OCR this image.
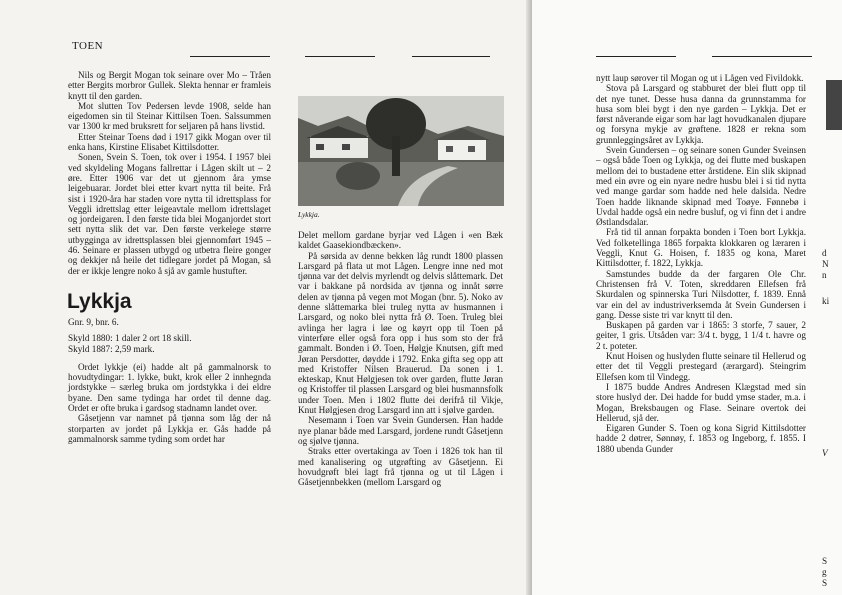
TOEN

Nils og Bergit Mogan tok seinare over Mo – Tråen etter Bergits morbror Gullek. Slekta hennar er framleis knytt til den garden.

Mot slutten Tov Pedersen levde 1908, selde han eigedomen sin til Steinar Kittilsen Toen. Salssummen var 1300 kr med bruksrett for seljaren på hans livstid.

Etter Steinar Toens død i 1917 gikk Mogan over til enka hans, Kirstine Elisabet Kittilsdotter.

Sonen, Svein S. Toen, tok over i 1954. I 1957 blei ved skyldeling Mogans fallrettar i Lågen skilt ut – 2 øre. Etter 1906 var det ut gjennom åra ymse leigebuarar. Jordet blei etter kvart nytta til beite. Frå sist i 1920-åra har staden vore nytta til idrettsplass for Veggli idrettslag etter leigeavtale mellom idrettslaget og jordeigaren. I den første tida blei Moganjordet stort sett nytta slik det var. Den første verkelege større utbygginga av idrettsplassen blei gjennomført 1945 – 46. Seinare er plassen utbygd og utbetra fleire gonger og dekkjer nå heile det tidlegare jordet på Mogan, så der er ikkje lengre noko å sjå av gamle hustufter.

Lykkja

Gnr. 9, bnr. 6.

Skyld 1880: 1 daler 2 ort 18 skill.

Skyld 1887: 2,59 mark.

Ordet lykkje (ei) hadde alt på gammalnorsk to hovudtydingar: 1. lykke, bukt, krok eller 2 innhegnda jordstykke – særleg bruka om jordstykka i dei eldre byane. Den same tydinga har ordet til denne dag. Ordet er ofte bruka i gardsog stadnamn landet over.

Gåsetjenn var namnet på tjønna som låg der nå storparten av jordet på Lykkja er. Gås hadde på gammalnorsk samme tyding som ordet har

Lykkja.

Delet mellom gardane byrjar ved Lågen i «en Bæk kaldet Gaasekiondbæcken».

På sørsida av denne bekken låg rundt 1800 plassen Larsgard på flata ut mot Lågen. Lengre inne ned mot tjønna var det delvis myrlendt og delvis slåttemark. Det var i bakkane på nordsida av tjønna og innåt sørre delen av tjønna på vegen mot Mogan (bnr. 5). Noko av denne slåttemarka blei truleg nytta av husmannen i Larsgard, og noko blei nytta frå Ø. Toen. Truleg blei avlinga her lagra i løe og køyrt opp til Toen på vinterføre eller også fora opp i hus som sto der frå gammalt. Bonden i Ø. Toen, Hølgje Knutsen, gift med Jøran Persdotter, døydde i 1792. Enka gifta seg opp att med Kristoffer Nilsen Brauerud. Da sonen i 1. ekteskap, Knut Hølgjesen tok over garden, flutte Jøran og Kristoffer til plassen Larsgard og blei husmannsfolk under Toen. Men i 1802 flutte dei derifrå til Vikje, Knut Hølgjesen drog Larsgard inn att i sjølve garden.

Nesemann i Toen var Svein Gundersen. Han hadde nye planar både med Larsgard, jordene rundt Gåsetjenn og sjølve tjønna.

Straks etter overtakinga av Toen i 1826 tok han til med kanalisering og utgrøfting av Gåsetjenn. Ei hovudgrøft blei lagt frå tjønna og ut til Lågen i Gåsetjennbekken (mellom Larsgard og

nytt laup sørover til Mogan og ut i Lågen ved Fivildokk.

Stova på Larsgard og stabburet der blei flutt opp til det nye tunet. Desse husa danna da grunnstamma for husa som blei bygt i den nye garden – Lykkja. Det er først nåverande eigar som har lagt hovudkanalen djupare og forsyna mykje av grøftene. 1828 er rekna som grunnleggingsåret av Lykkja.

Svein Gundersen – og seinare sonen Gunder Sveinsen – også både Toen og Lykkja, og dei flutte med buskapen mellom dei to bustadene etter årstidene. Ein slik skipnad med ein øvre og ein nyare nedre husbu blei i si tid nytta ved mange gardar som hadde ned hele dalsida. Nedre Toen hadde liknande skipnad med Toøye. Fønnebø i Uvdal hadde også ein nedre busluf, og vi finn det i andre Østlandsdalar.

Frå tid til annan forpakta bonden i Toen bort Lykkja. Ved folketellinga 1865 forpakta klokkaren og læraren i Veggli, Knut G. Hoisen, f. 1835 og kona, Maret Kittilsdotter, f. 1822, Lykkja.

Samstundes budde da der fargaren Ole Chr. Christensen frå V. Toten, skreddaren Ellefsen frå Skurdalen og spinnerska Turi Nilsdotter, f. 1839. Ennå var ein del av industriverksemda åt Svein Gundersen i gang. Desse siste tri var knytt til den.

Buskapen på garden var i 1865: 3 storfe, 7 sauer, 2 geiter, 1 gris. Utsåden var: 3/4 t. bygg, 1 1/4 t. havre og 2 t. poteter.

Knut Hoisen og huslyden flutte seinare til Hellerud og etter det til Veggli prestegard (ærargard). Steingrim Ellefsen kom til Vindegg.

I 1875 budde Andres Andresen Klægstad med sin store huslyd der. Dei hadde for budd ymse stader, m.a. i Mogan, Breksbaugen og Flase. Seinare overtok dei Hellerud, sjå der.

Eigaren Gunder S. Toen og kona Sigrid Kittilsdotter hadde 2 døtrer, Sønnøy, f. 1853 og Ingeborg, f. 1855. I 1880 ubenda Gunder

d
N
n
ki
V
S
g
S
